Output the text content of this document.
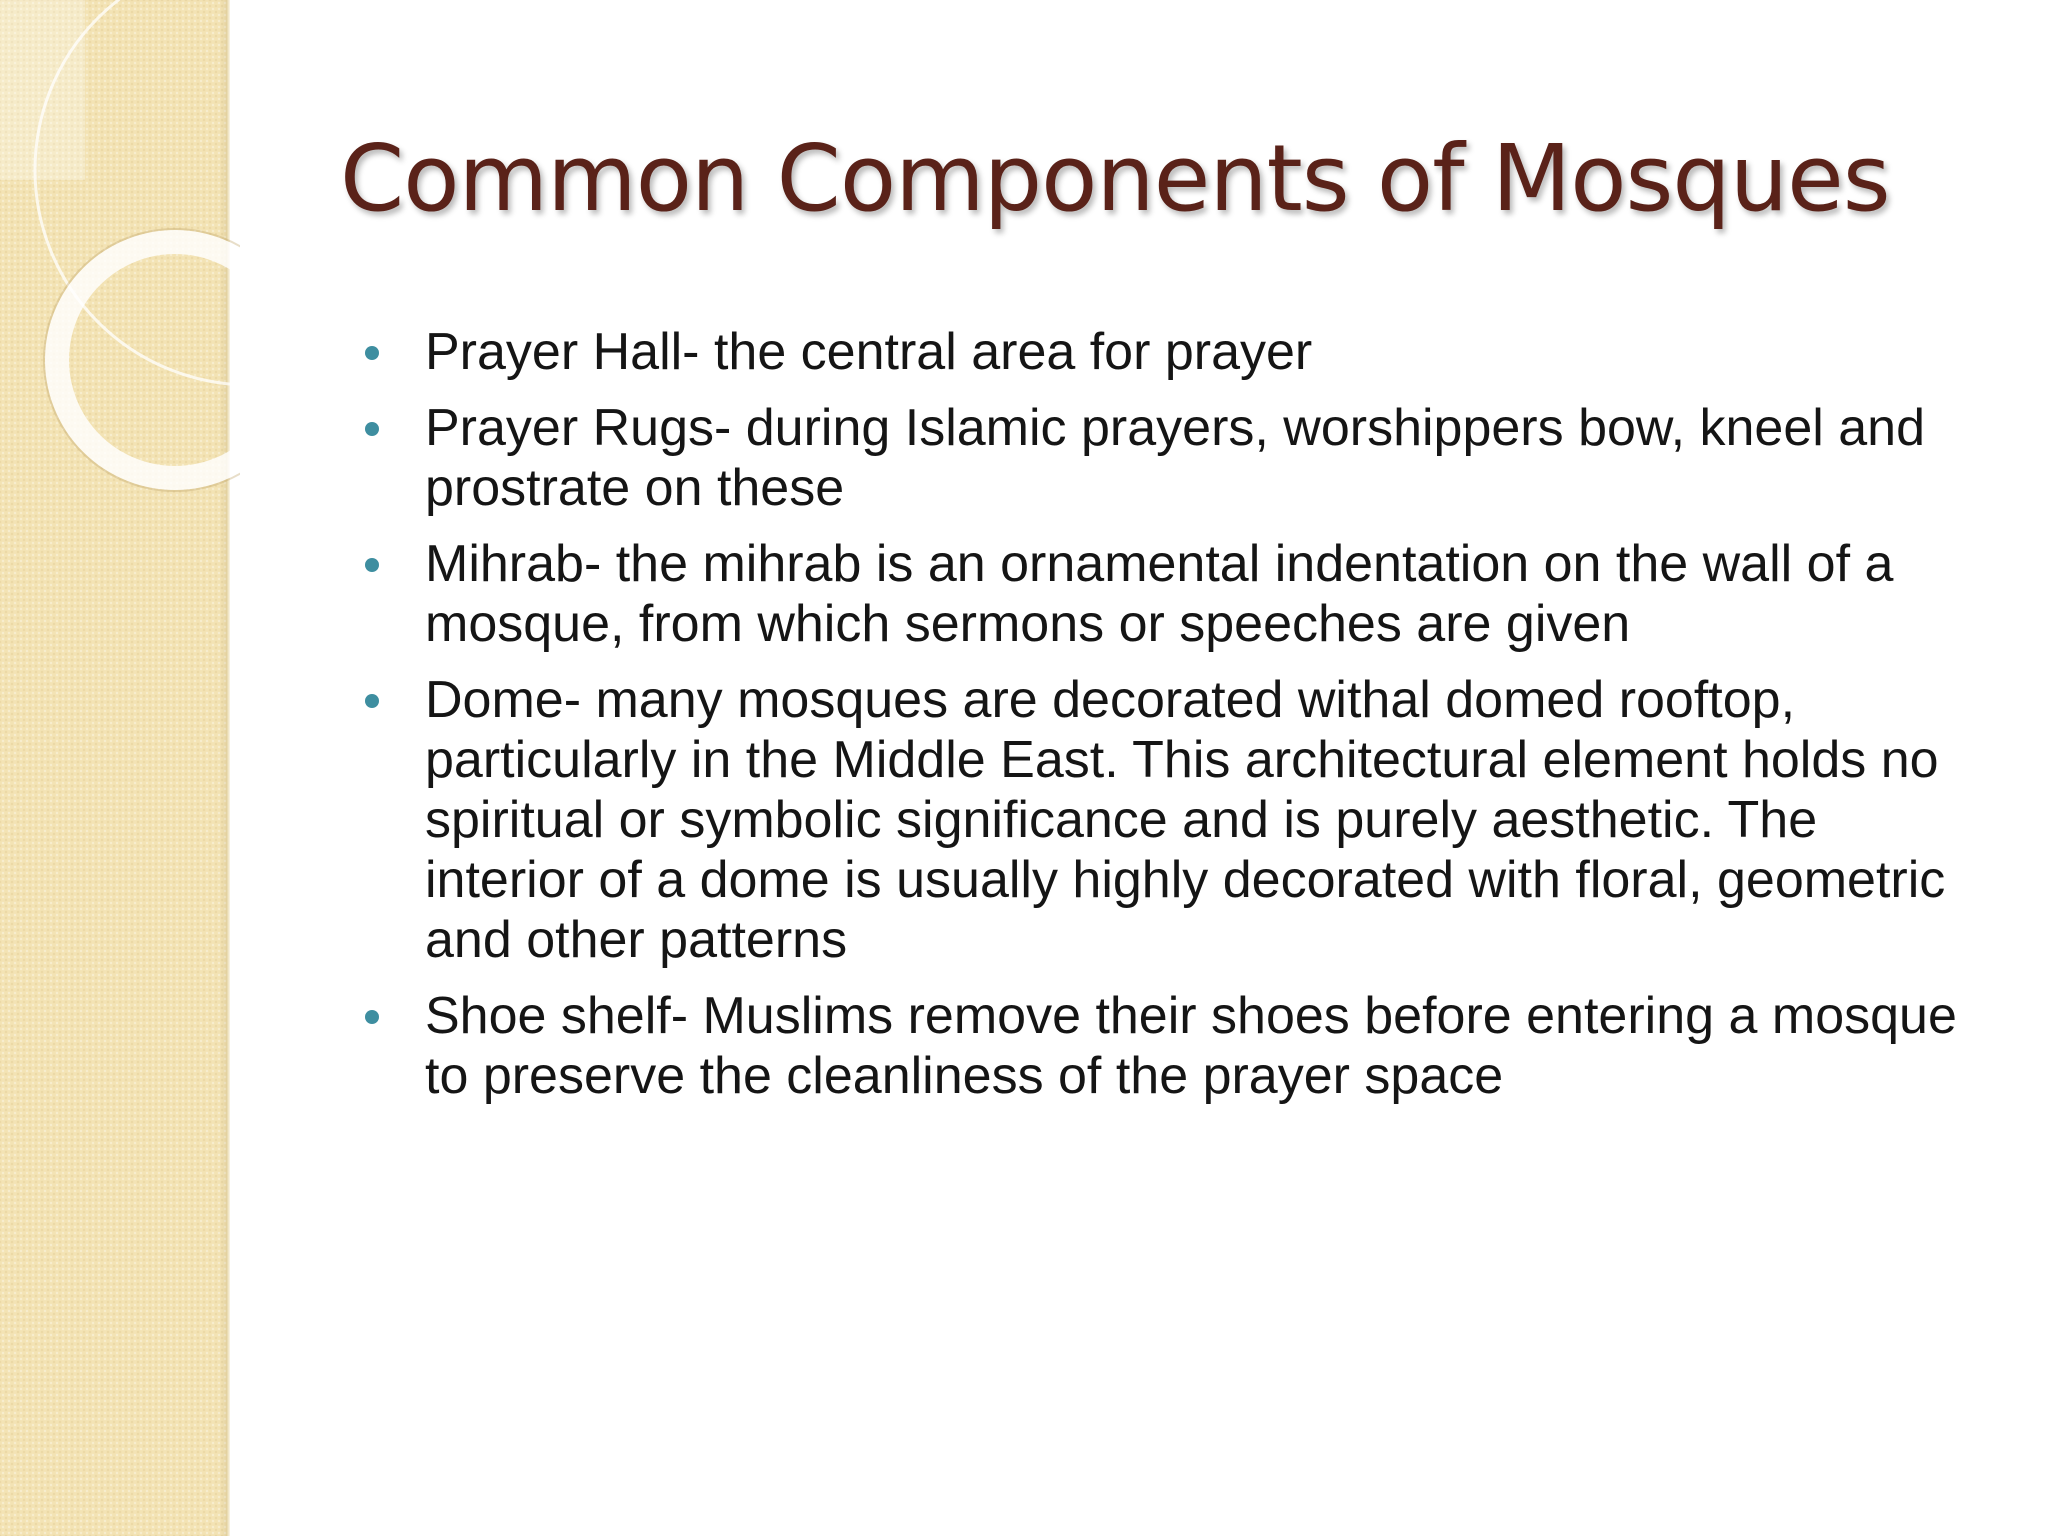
Common Components of Mosques
Prayer Hall- the central area for prayer
Prayer Rugs- during Islamic prayers, worshippers bow, kneel and prostrate on these
Mihrab- the mihrab is an ornamental indentation on the wall of a mosque, from which sermons or speeches are given
Dome- many mosques are decorated withal domed rooftop, particularly in the Middle East. This architectural element holds no spiritual or symbolic significance and is purely aesthetic. The interior of a dome is usually highly decorated with floral, geometric and other patterns
Shoe shelf- Muslims remove their shoes before entering a mosque to preserve the cleanliness of the prayer space
